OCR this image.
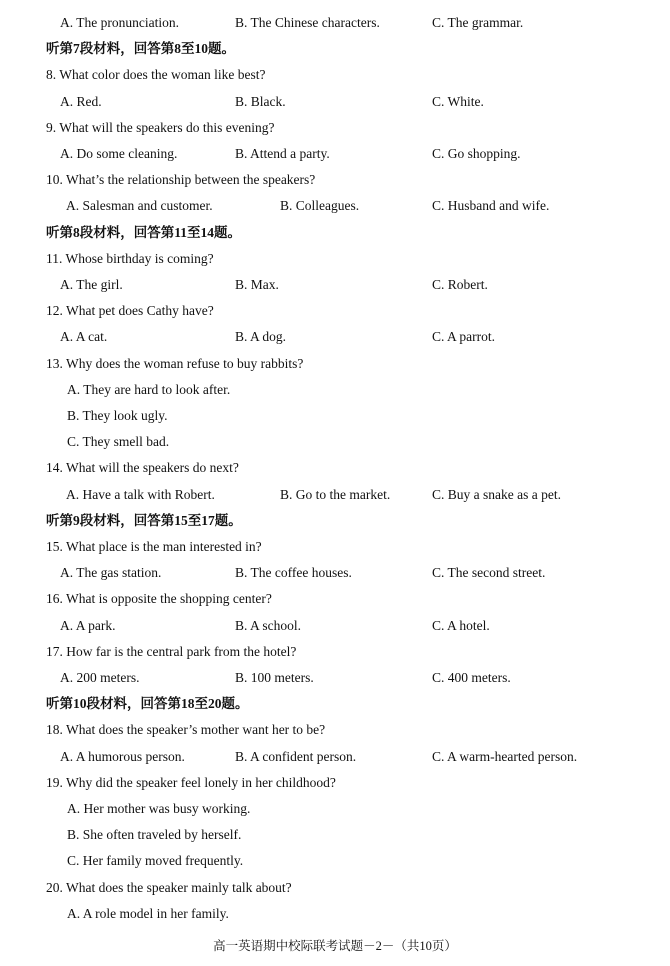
A. The pronunciation.	B. The Chinese characters.	C. The grammar.
听第7段材料，回答第8至10题。
8. What color does the woman like best?
A. Red.	B. Black.	C. White.
9. What will the speakers do this evening?
A. Do some cleaning.	B. Attend a party.	C. Go shopping.
10. What’s the relationship between the speakers?
A. Salesman and customer.	B. Colleagues.	C. Husband and wife.
听第8段材料，回答第11至14题。
11. Whose birthday is coming?
A. The girl.	B. Max.	C. Robert.
12. What pet does Cathy have?
A. A cat.	B. A dog.	C. A parrot.
13. Why does the woman refuse to buy rabbits?
A. They are hard to look after.
B. They look ugly.
C. They smell bad.
14. What will the speakers do next?
A. Have a talk with Robert.	B. Go to the market.	C. Buy a snake as a pet.
听第9段材料，回答第15至17题。
15. What place is the man interested in?
A. The gas station.	B. The coffee houses.	C. The second street.
16. What is opposite the shopping center?
A. A park.	B. A school.	C. A hotel.
17. How far is the central park from the hotel?
A. 200 meters.	B. 100 meters.	C. 400 meters.
听第10段材料，回答第18至20题。
18. What does the speaker’s mother want her to be?
A. A humorous person.	B. A confident person.	C. A warm-hearted person.
19. Why did the speaker feel lonely in her childhood?
A. Her mother was busy working.
B. She often traveled by herself.
C. Her family moved frequently.
20. What does the speaker mainly talk about?
A. A role model in her family.
高一英语期中校际联考试题－2－（共10页）
